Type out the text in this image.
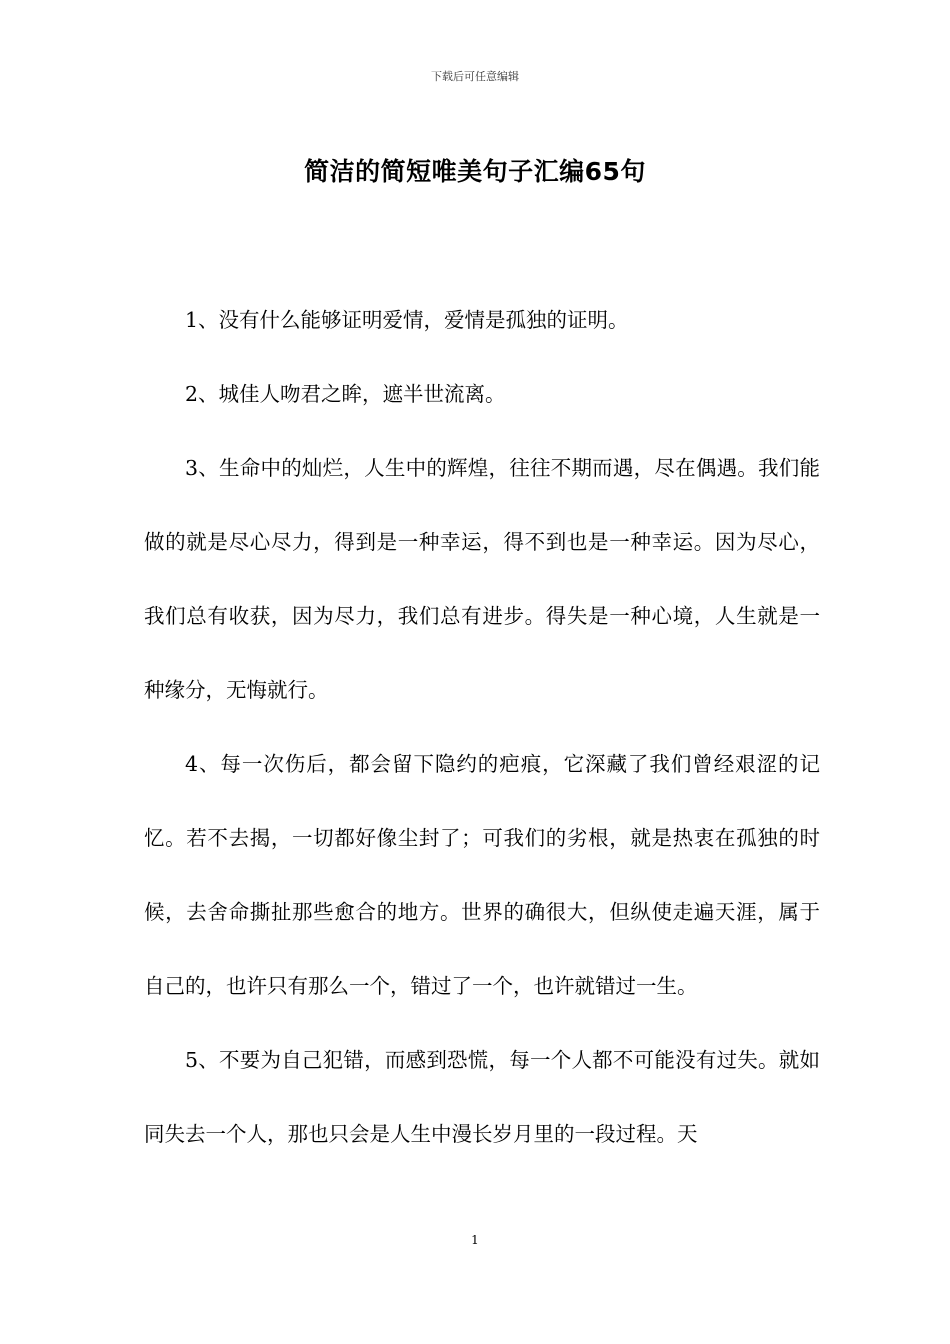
下载后可任意编辑
简洁的简短唯美句子汇编65句

1、没有什么能够证明爱情，爱情是孤独的证明。

2、城佳人吻君之眸，遮半世流离。

3、生命中的灿烂，人生中的辉煌，往往不期而遇，尽在偶遇。我们能做的就是尽心尽力，得到是一种幸运，得不到也是一种幸运。因为尽心，我们总有收获，因为尽力，我们总有进步。得失是一种心境，人生就是一种缘分，无悔就行。

4、每一次伤后，都会留下隐约的疤痕，它深藏了我们曾经艰涩的记忆。若不去揭，一切都好像尘封了；可我们的劣根，就是热衷在孤独的时候，去舍命撕扯那些愈合的地方。世界的确很大，但纵使走遍天涯，属于自己的，也许只有那么一个，错过了一个，也许就错过一生。

5、不要为自己犯错，而感到恐慌，每一个人都不可能没有过失。就如同失去一个人，那也只会是人生中漫长岁月里的一段过程。天

1
